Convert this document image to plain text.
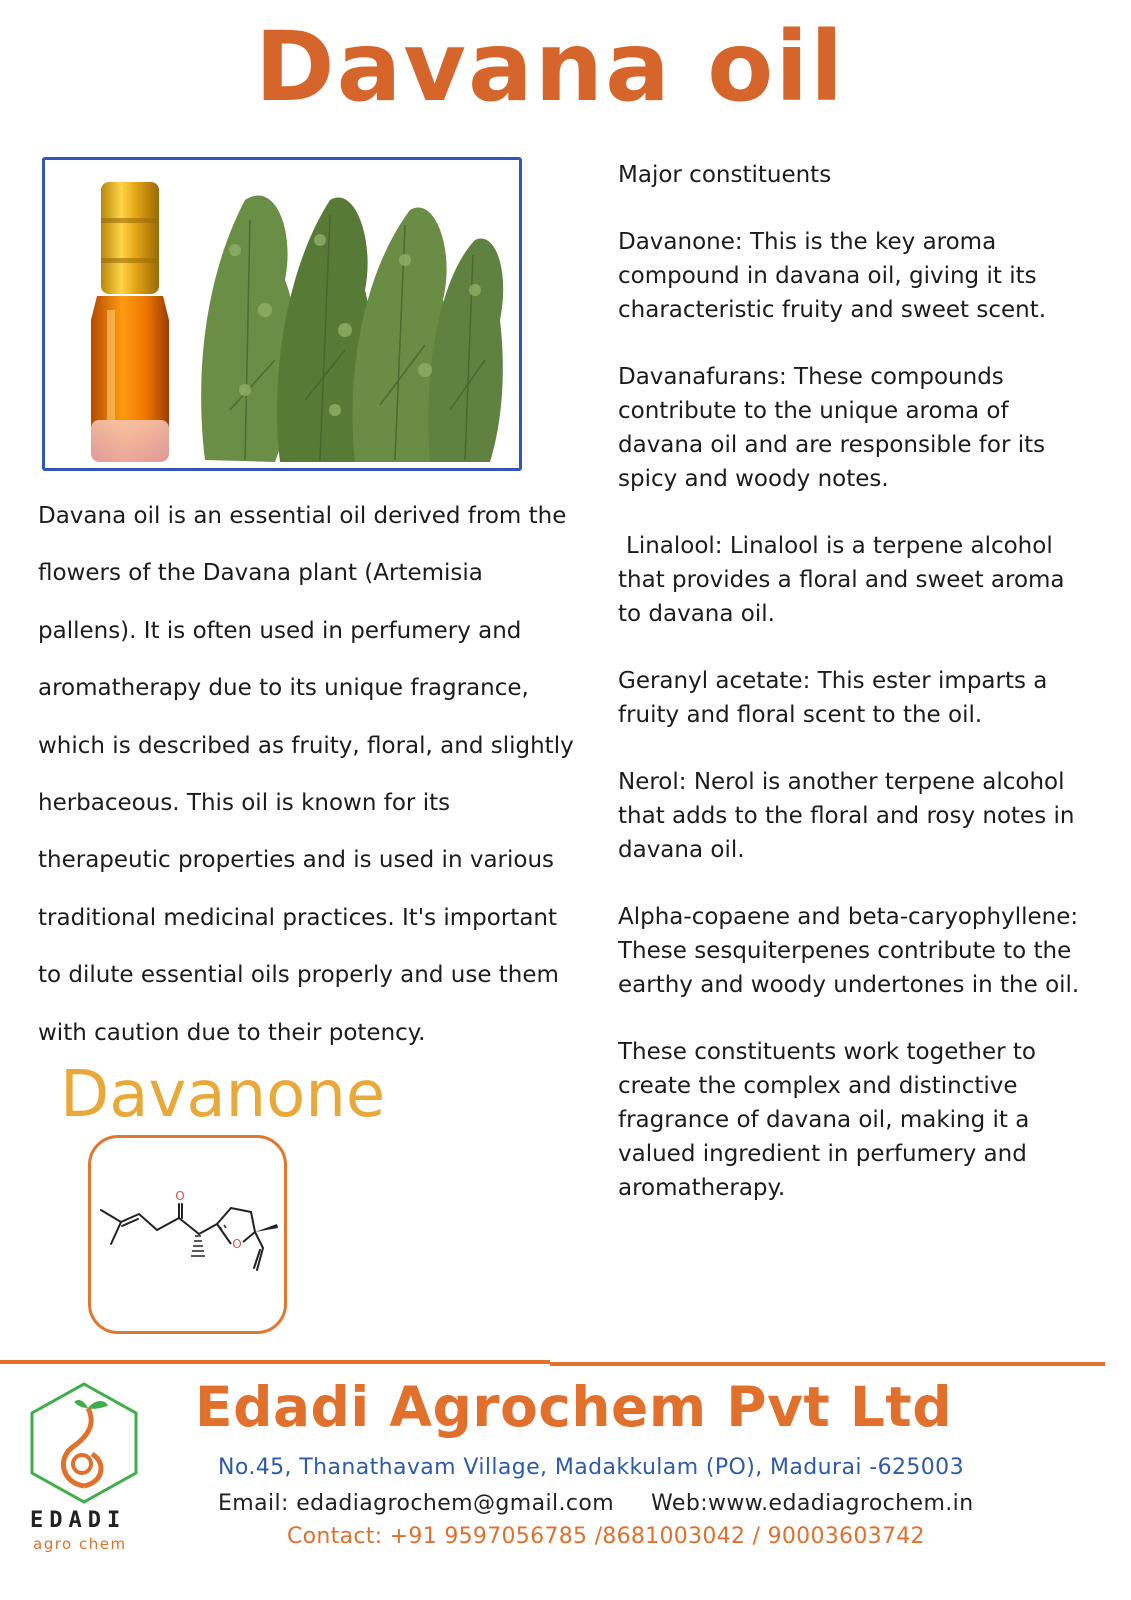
Davana oil

Davana oil is an essential oil derived from the flowers of the Davana plant (Artemisia pallens). It is often used in perfumery and aromatherapy due to its unique fragrance, which is described as fruity, floral, and slightly herbaceous. This oil is known for its therapeutic properties and is used in various traditional medicinal practices. It's important to dilute essential oils properly and use them with caution due to their potency.

Major constituents

Davanone: This is the key aroma compound in davana oil, giving it its characteristic fruity and sweet scent.

Davanafurans: These compounds contribute to the unique aroma of davana oil and are responsible for its spicy and woody notes.

Linalool: Linalool is a terpene alcohol that provides a floral and sweet aroma to davana oil.

Geranyl acetate: This ester imparts a fruity and floral scent to the oil.

Nerol: Nerol is another terpene alcohol that adds to the floral and rosy notes in davana oil.

Alpha-copaene and beta-caryophyllene: These sesquiterpenes contribute to the earthy and woody undertones in the oil.

These constituents work together to create the complex and distinctive fragrance of davana oil, making it a valued ingredient in perfumery and aromatherapy.

Davanone
O
O
EDADI
agro chem
Edadi Agrochem Pvt Ltd
No.45, Thanathavam Village, Madakkulam (PO), Madurai -625003
Email: edadiagrochem@gmail.com Web:www.edadiagrochem.in
Contact: +91 9597056785 /8681003042 / 90003603742
